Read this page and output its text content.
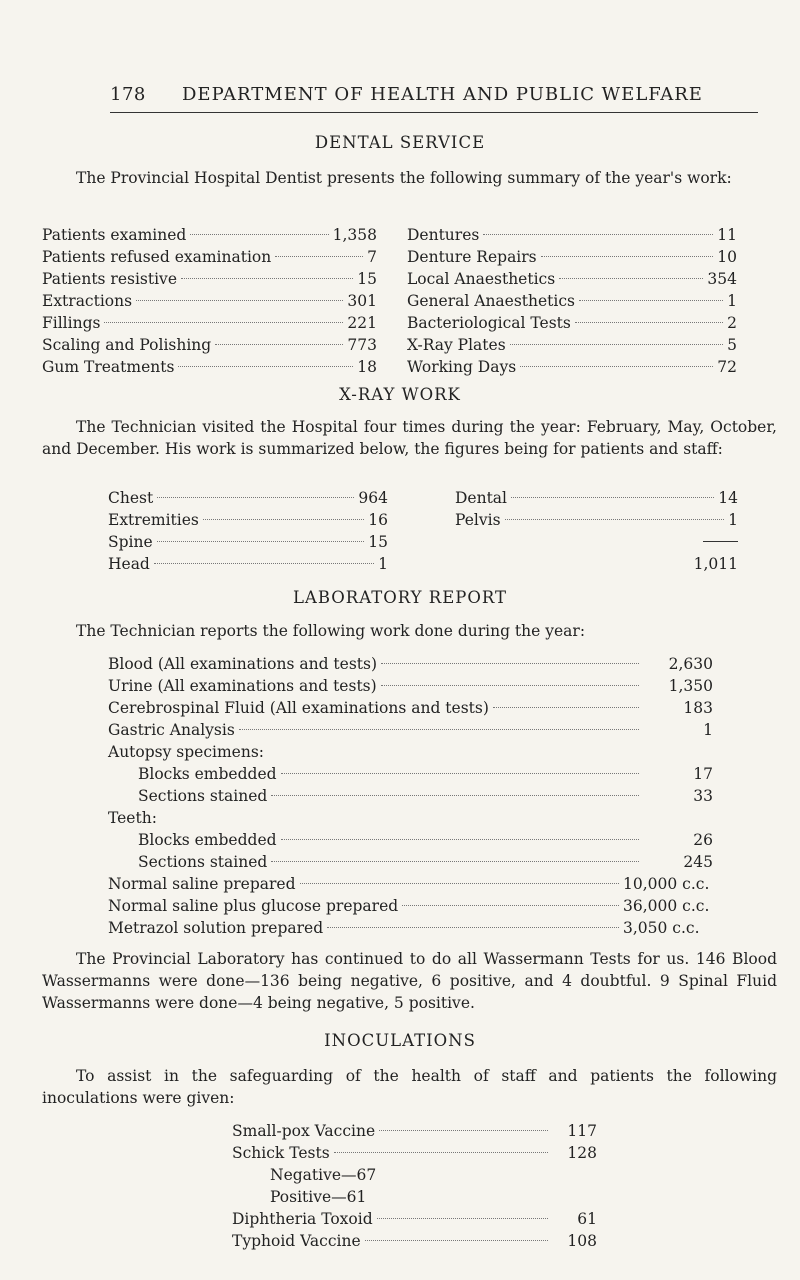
178 DEPARTMENT OF HEALTH AND PUBLIC WELFARE
DENTAL SERVICE
The Provincial Hospital Dentist presents the following summary of the year's work:
Patients examined	1,358
Patients refused examination	7
Patients resistive	15
Extractions	301
Fillings	221
Scaling and Polishing	773
Gum Treatments	18
Dentures	11
Denture Repairs	10
Local Anaesthetics	354
General Anaesthetics	1
Bacteriological Tests	2
X-Ray Plates	5
Working Days	72
X-RAY WORK
The Technician visited the Hospital four times during the year: February, May, October, and December. His work is summarized below, the figures being for patients and staff:
Chest	964
Extremities	16
Spine	15
Head	1
Dental	14
Pelvis	1
1,011
LABORATORY REPORT
The Technician reports the following work done during the year:
Blood (All examinations and tests)	2,630
Urine (All examinations and tests)	1,350
Cerebrospinal Fluid (All examinations and tests)	183
Gastric Analysis	1
Autopsy specimens:
Blocks embedded	17
Sections stained	33
Teeth:
Blocks embedded	26
Sections stained	245
Normal saline prepared	10,000 c.c.
Normal saline plus glucose prepared	36,000 c.c.
Metrazol solution prepared	3,050 c.c.
The Provincial Laboratory has continued to do all Wassermann Tests for us. 146 Blood Wassermanns were done—136 being negative, 6 positive, and 4 doubtful. 9 Spinal Fluid Wassermanns were done—4 being negative, 5 positive.
INOCULATIONS
To assist in the safeguarding of the health of staff and patients the following inoculations were given:
Small-pox Vaccine	117
Schick Tests	128
Negative—67
Positive—61
Diphtheria Toxoid	61
Typhoid Vaccine	108
